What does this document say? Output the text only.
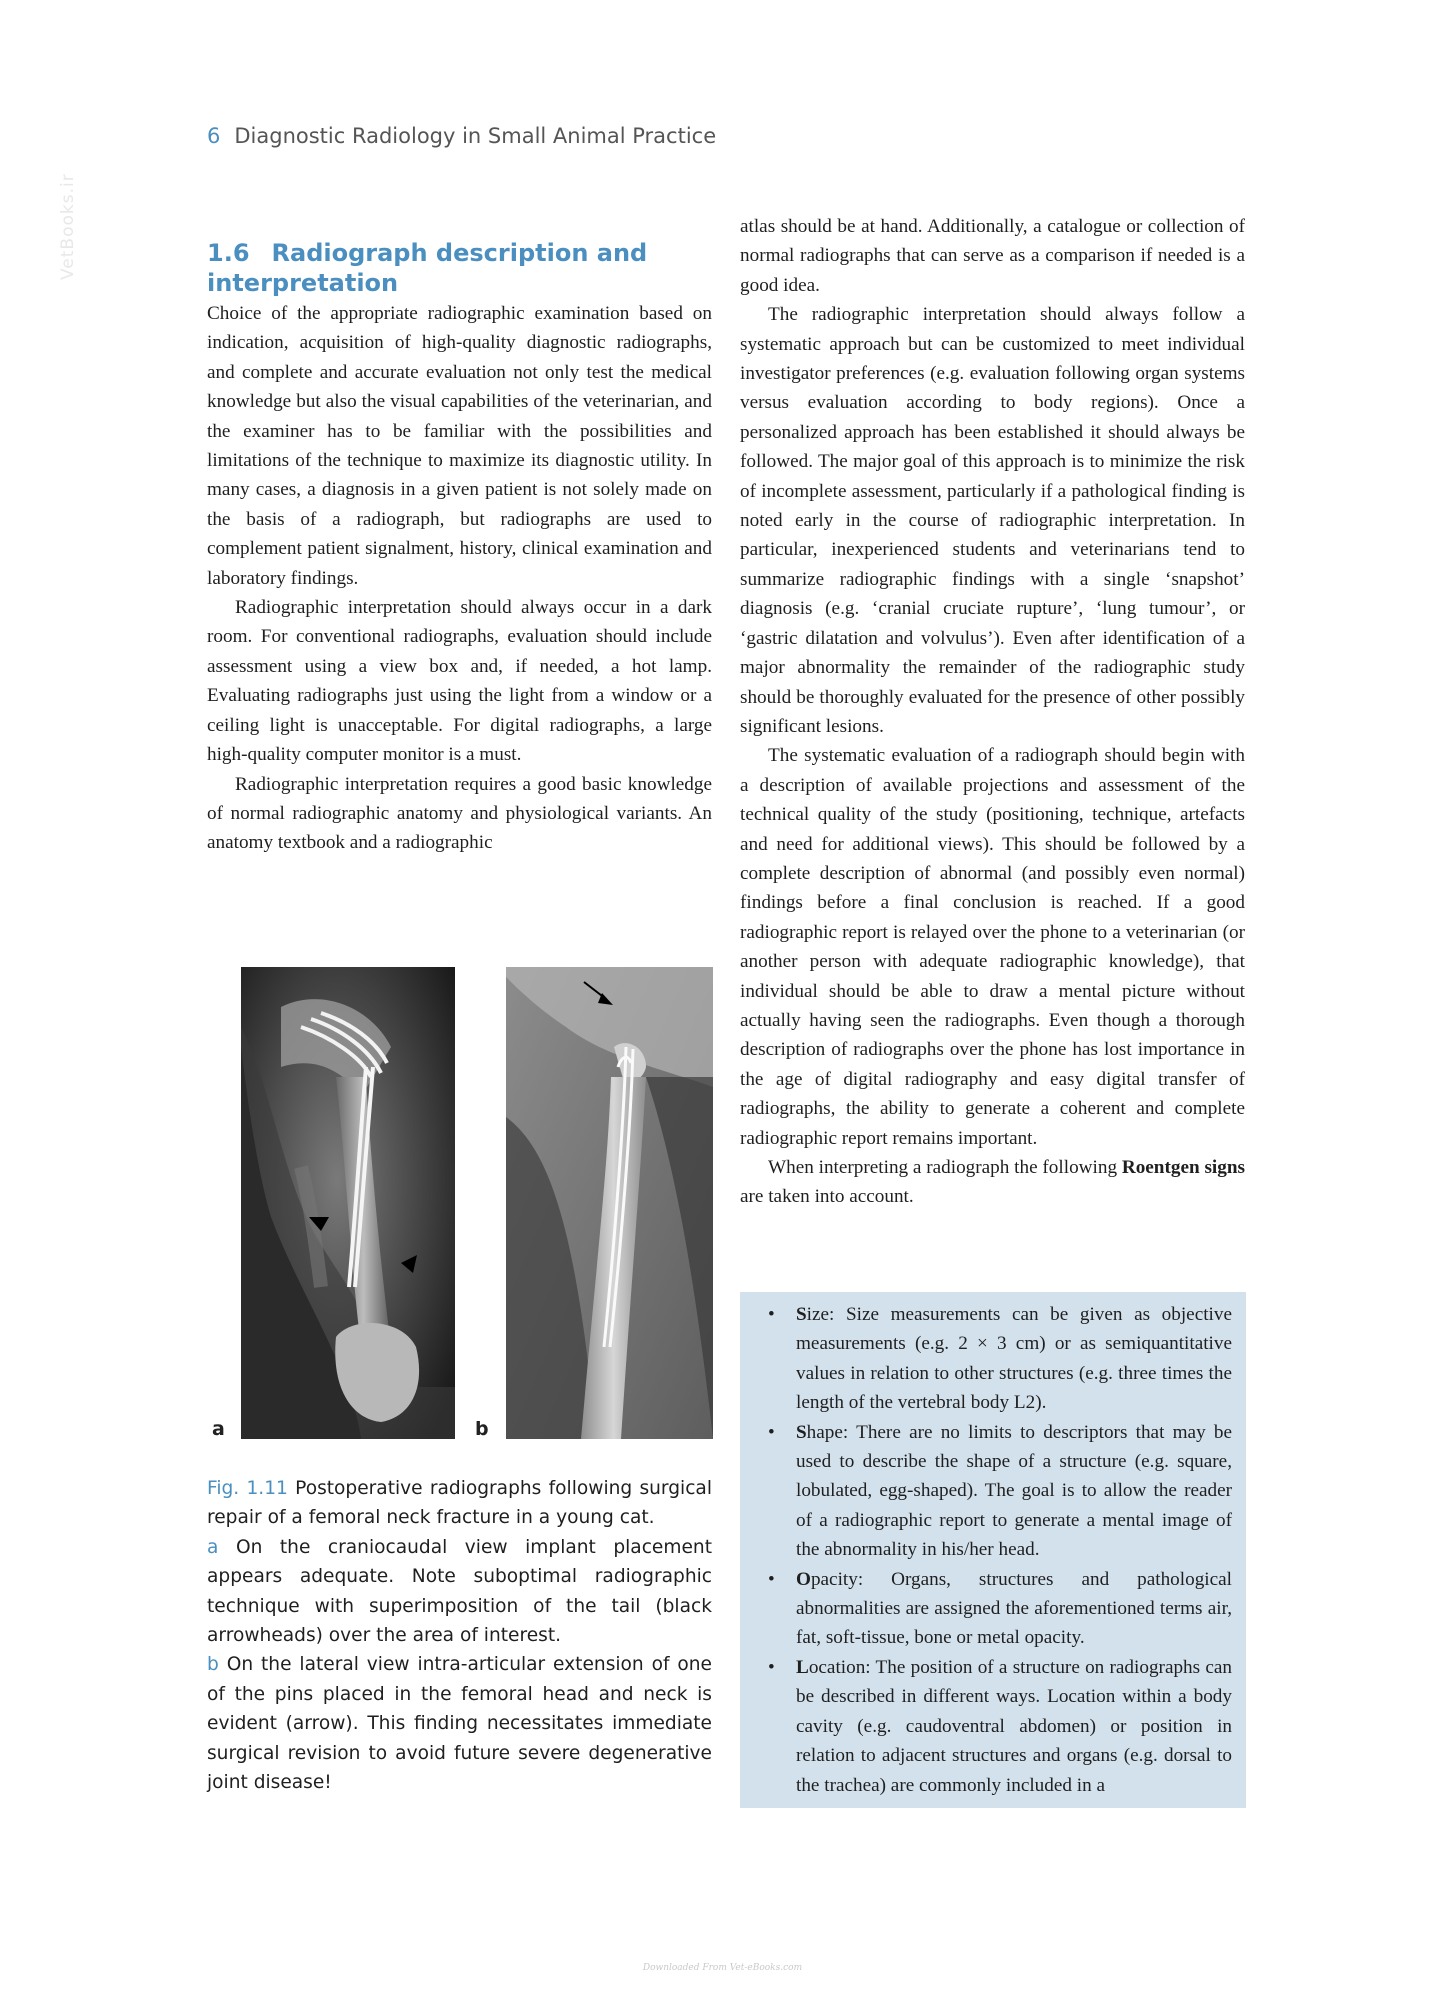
6 Diagnostic Radiology in Small Animal Practice
VetBooks.ir	1.6 Radiograph description and interpretation

Choice of the appropriate radiographic examination based on indication, acquisition of high-quality diagnostic radiographs, and complete and accurate evaluation not only test the medical knowledge but also the visual capabilities of the veterinarian, and the examiner has to be familiar with the possibilities and limitations of the technique to maximize its diagnostic utility. In many cases, a diagnosis in a given patient is not solely made on the basis of a radiograph, but radiographs are used to complement patient signalment, history, clinical examination and laboratory findings.

Radiographic interpretation should always occur in a dark room. For conventional radiographs, evaluation should include assessment using a view box and, if needed, a hot lamp. Evaluating radiographs just using the light from a window or a ceiling light is unacceptable. For digital radiographs, a large high-quality computer monitor is a must.

Radiographic interpretation requires a good basic knowledge of normal radiographic anatomy and physiological variants. An anatomy textbook and a radiographic

a	b

Fig. 1.11 Postoperative radiographs following surgical repair of a femoral neck fracture in a young cat.

a On the craniocaudal view implant placement appears adequate. Note suboptimal radiographic technique with superimposition of the tail (black arrowheads) over the area of interest.

b On the lateral view intra-articular extension of one of the pins placed in the femoral head and neck is evident (arrow). This finding necessitates immediate surgical revision to avoid future severe degenerative joint disease!

atlas should be at hand. Additionally, a catalogue or collection of normal radiographs that can serve as a comparison if needed is a good idea.

The radiographic interpretation should always follow a systematic approach but can be customized to meet individual investigator preferences (e.g. evaluation following organ systems versus evaluation according to body regions). Once a personalized approach has been established it should always be followed. The major goal of this approach is to minimize the risk of incomplete assessment, particularly if a pathological finding is noted early in the course of radiographic interpretation. In particular, inexperienced students and veterinarians tend to summarize radiographic findings with a single ‘snapshot’ diagnosis (e.g. ‘cranial cruciate rupture’, ‘lung tumour’, or ‘gastric dilatation and volvulus’). Even after identification of a major abnormality the remainder of the radiographic study should be thoroughly evaluated for the presence of other possibly significant lesions.

The systematic evaluation of a radiograph should begin with a description of available projections and assessment of the technical quality of the study (positioning, technique, artefacts and need for additional views). This should be followed by a complete description of abnormal (and possibly even normal) findings before a final conclusion is reached. If a good radiographic report is relayed over the phone to a veterinarian (or another person with adequate radiographic knowledge), that individual should be able to draw a mental picture without actually having seen the radiographs. Even though a thorough description of radiographs over the phone has lost importance in the age of digital radiography and easy digital transfer of radiographs, the ability to generate a coherent and complete radiographic report remains important.

When interpreting a radiograph the following Roentgen signs are taken into account.

• Size: Size measurements can be given as objective measurements (e.g. 2 × 3 cm) or as semiquantitative values in relation to other structures (e.g. three times the length of the vertebral body L2).
• Shape: There are no limits to descriptors that may be used to describe the shape of a structure (e.g. square, lobulated, egg-shaped). The goal is to allow the reader of a radiographic report to generate a mental image of the abnormality in his/her head.
• Opacity: Organs, structures and pathological abnormalities are assigned the aforementioned terms air, fat, soft-tissue, bone or metal opacity.
• Location: The position of a structure on radiographs can be described in different ways. Location within a body cavity (e.g. caudoventral abdomen) or position in relation to adjacent structures and organs (e.g. dorsal to the trachea) are commonly included in a
Downloaded From Vet-eBooks.com
